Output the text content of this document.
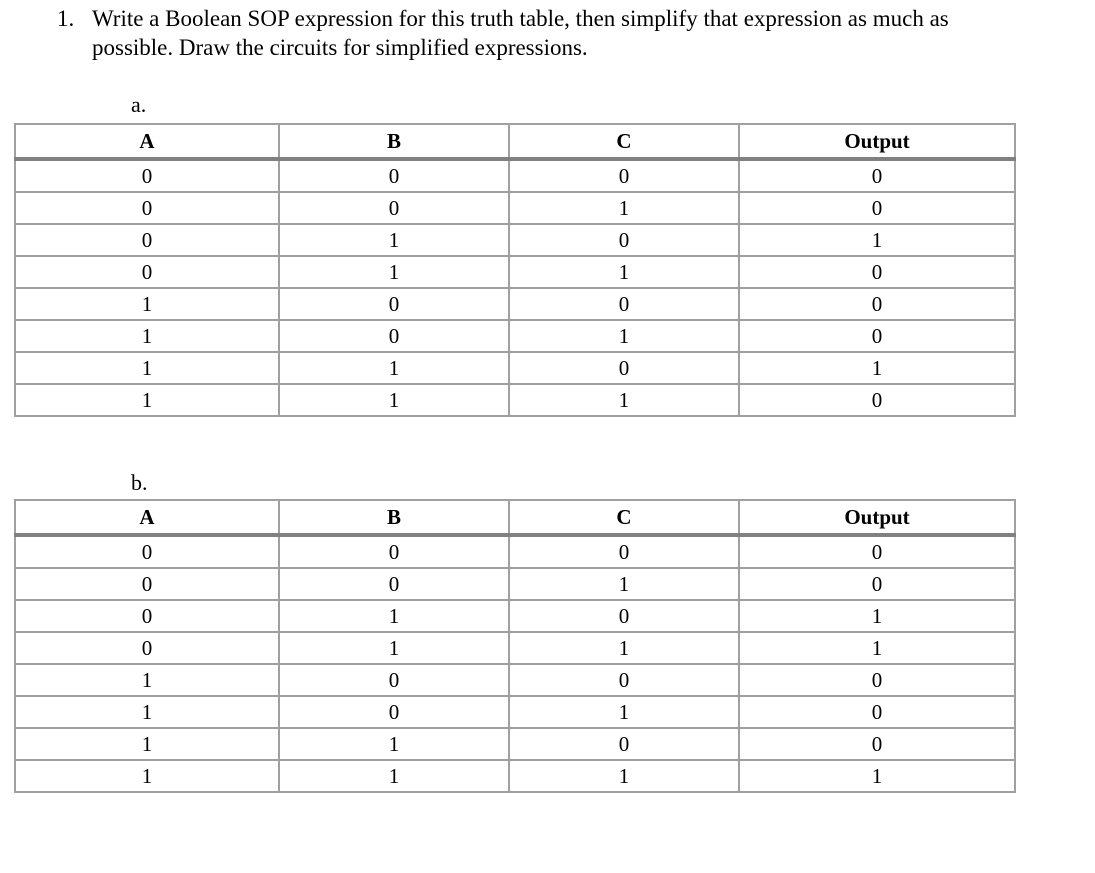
1. Write a Boolean SOP expression for this truth table, then simplify that expression as much as possible. Draw the circuits for simplified expressions.
a.
A	B	C	Output
0	0	0	0
0	0	1	0
0	1	0	1
0	1	1	0
1	0	0	0
1	0	1	0
1	1	0	1
1	1	1	0
b.
A	B	C	Output
0	0	0	0
0	0	1	0
0	1	0	1
0	1	1	1
1	0	0	0
1	0	1	0
1	1	0	0
1	1	1	1
